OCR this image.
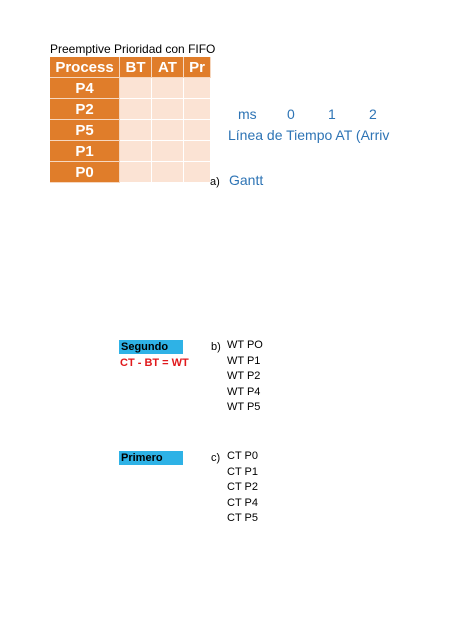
Preemptive Prioridad con FIFO
Process	BT	AT	Pr
P4			
P2			
P5			
P1			
P0			
ms 0 1 2
Línea de Tiempo AT (Arriv
a) Gantt
Segundo
CT - BT = WT
b) WT PO
WT P1
WT P2
WT P4
WT P5
Primero	c) CT P0
CT P1
CT P2
CT P4
CT P5
